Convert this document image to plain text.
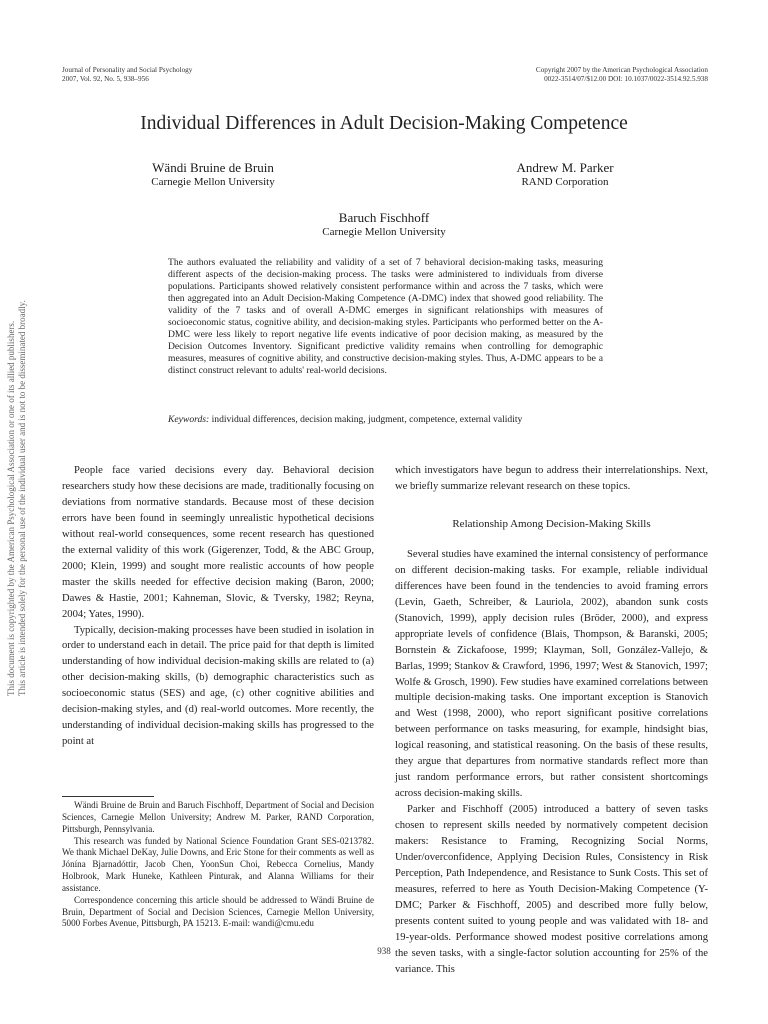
Journal of Personality and Social Psychology
2007, Vol. 92, No. 5, 938–956
Copyright 2007 by the American Psychological Association
0022-3514/07/$12.00 DOI: 10.1037/0022-3514.92.5.938
Individual Differences in Adult Decision-Making Competence
Wändi Bruine de Bruin
Carnegie Mellon University
Andrew M. Parker
RAND Corporation
Baruch Fischhoff
Carnegie Mellon University
The authors evaluated the reliability and validity of a set of 7 behavioral decision-making tasks, measuring different aspects of the decision-making process. The tasks were administered to individuals from diverse populations. Participants showed relatively consistent performance within and across the 7 tasks, which were then aggregated into an Adult Decision-Making Competence (A-DMC) index that showed good reliability. The validity of the 7 tasks and of overall A-DMC emerges in significant relationships with measures of socioeconomic status, cognitive ability, and decision-making styles. Participants who performed better on the A-DMC were less likely to report negative life events indicative of poor decision making, as measured by the Decision Outcomes Inventory. Significant predictive validity remains when controlling for demographic measures, measures of cognitive ability, and constructive decision-making styles. Thus, A-DMC appears to be a distinct construct relevant to adults' real-world decisions.
Keywords: individual differences, decision making, judgment, competence, external validity
This document is copyrighted by the American Psychological Association or one of its allied publishers. This article is intended solely for the personal use of the individual user and is not to be disseminated broadly.	People face varied decisions every day. Behavioral decision researchers study how these decisions are made, traditionally focusing on deviations from normative standards. Because most of these decision errors have been found in seemingly unrealistic hypothetical decisions without real-world consequences, some recent research has questioned the external validity of this work (Gigerenzer, Todd, & the ABC Group, 2000; Klein, 1999) and sought more realistic accounts of how people master the skills needed for effective decision making (Baron, 2000; Dawes & Hastie, 2001; Kahneman, Slovic, & Tversky, 1982; Reyna, 2004; Yates, 1990).

Typically, decision-making processes have been studied in isolation in order to understand each in detail. The price paid for that depth is limited understanding of how individual decision-making skills are related to (a) other decision-making skills, (b) demographic characteristics such as socioeconomic status (SES) and age, (c) other cognitive abilities and decision-making styles, and (d) real-world outcomes. More recently, the understanding of individual decision-making skills has progressed to the point at

which investigators have begun to address their interrelationships. Next, we briefly summarize relevant research on these topics.

Relationship Among Decision-Making Skills

Several studies have examined the internal consistency of performance on different decision-making tasks. For example, reliable individual differences have been found in the tendencies to avoid framing errors (Levin, Gaeth, Schreiber, & Lauriola, 2002), abandon sunk costs (Stanovich, 1999), apply decision rules (Bröder, 2000), and express appropriate levels of confidence (Blais, Thompson, & Baranski, 2005; Bornstein & Zickafoose, 1999; Klayman, Soll, González-Vallejo, & Barlas, 1999; Stankov & Crawford, 1996, 1997; West & Stanovich, 1997; Wolfe & Grosch, 1990). Few studies have examined correlations between multiple decision-making tasks. One important exception is Stanovich and West (1998, 2000), who report significant positive correlations between performance on tasks measuring, for example, hindsight bias, logical reasoning, and statistical reasoning. On the basis of these results, they argue that departures from normative standards reflect more than just random performance errors, but rather consistent shortcomings across decision-making skills.

Parker and Fischhoff (2005) introduced a battery of seven tasks chosen to represent skills needed by normatively competent decision makers: Resistance to Framing, Recognizing Social Norms, Under/overconfidence, Applying Decision Rules, Consistency in Risk Perception, Path Independence, and Resistance to Sunk Costs. This set of measures, referred to here as Youth Decision-Making Competence (Y-DMC; Parker & Fischhoff, 2005) and described more fully below, presents content suited to young people and was validated with 18- and 19-year-olds. Performance showed modest positive correlations among the seven tasks, with a single-factor solution accounting for 25% of the variance. This

Wändi Bruine de Bruin and Baruch Fischhoff, Department of Social and Decision Sciences, Carnegie Mellon University; Andrew M. Parker, RAND Corporation, Pittsburgh, Pennsylvania.

This research was funded by National Science Foundation Grant SES-0213782. We thank Michael DeKay, Julie Downs, and Eric Stone for their comments as well as Jónína Bjarnadóttir, Jacob Chen, YoonSun Choi, Rebecca Cornelius, Mandy Holbrook, Mark Huneke, Kathleen Pinturak, and Alanna Williams for their assistance.

Correspondence concerning this article should be addressed to Wändi Bruine de Bruin, Department of Social and Decision Sciences, Carnegie Mellon University, 5000 Forbes Avenue, Pittsburgh, PA 15213. E-mail: wandi@cmu.edu

938
